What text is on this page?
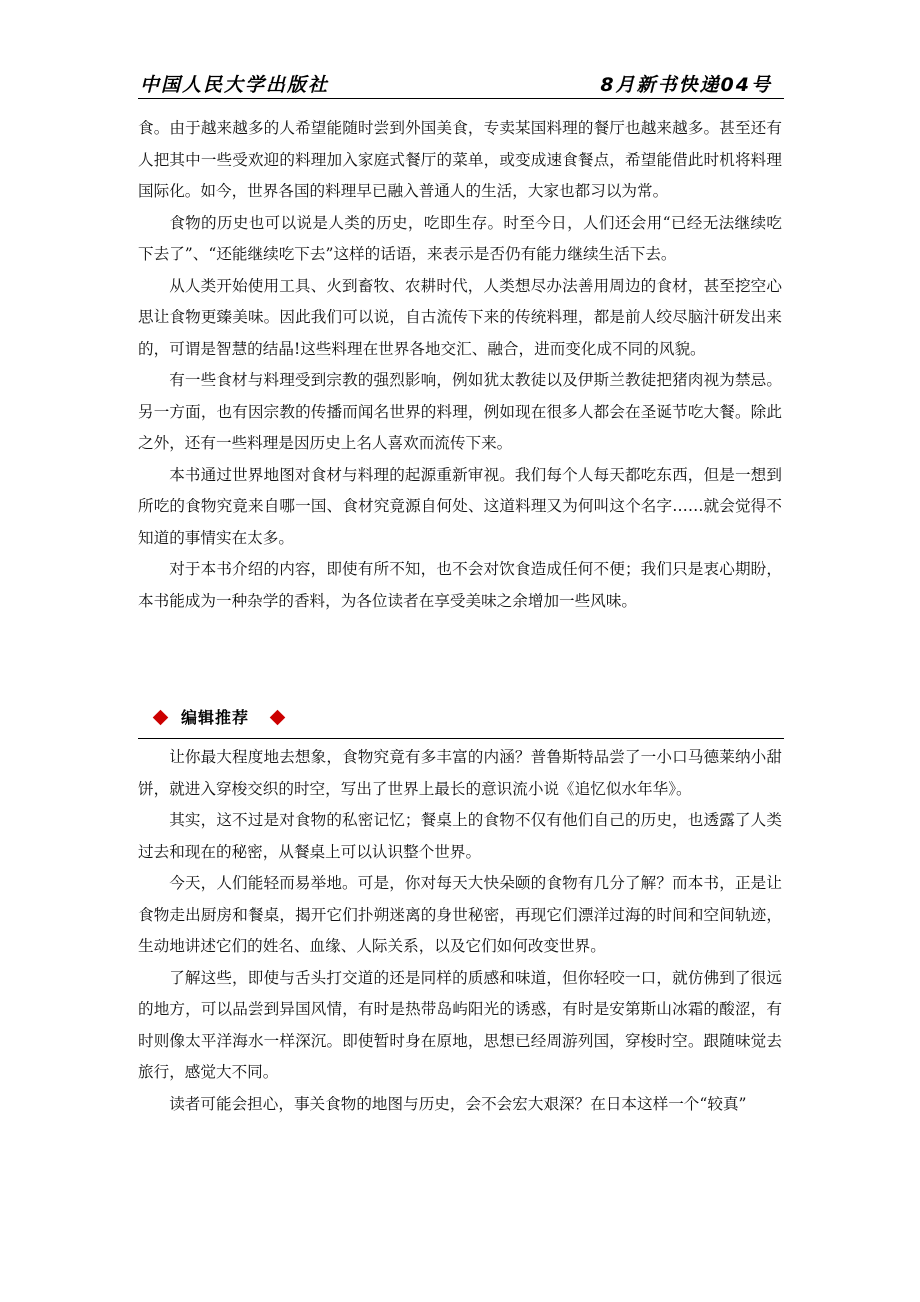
中国人民大学出版社	8月新书快递04号

食。由于越来越多的人希望能随时尝到外国美食，专卖某国料理的餐厅也越来越多。甚至还有人把其中一些受欢迎的料理加入家庭式餐厅的菜单，或变成速食餐点，希望能借此时机将料理国际化。如今，世界各国的料理早已融入普通人的生活，大家也都习以为常。

食物的历史也可以说是人类的历史，吃即生存。时至今日，人们还会用“已经无法继续吃下去了”、“还能继续吃下去”这样的话语，来表示是否仍有能力继续生活下去。

从人类开始使用工具、火到畜牧、农耕时代，人类想尽办法善用周边的食材，甚至挖空心思让食物更臻美味。因此我们可以说，自古流传下来的传统料理，都是前人绞尽脑汁研发出来的，可谓是智慧的结晶!这些料理在世界各地交汇、融合，进而变化成不同的风貌。

有一些食材与料理受到宗教的强烈影响，例如犹太教徒以及伊斯兰教徒把猪肉视为禁忌。另一方面，也有因宗教的传播而闻名世界的料理，例如现在很多人都会在圣诞节吃大餐。除此之外，还有一些料理是因历史上名人喜欢而流传下来。

本书通过世界地图对食材与料理的起源重新审视。我们每个人每天都吃东西，但是一想到所吃的食物究竟来自哪一国、食材究竟源自何处、这道料理又为何叫这个名字……就会觉得不知道的事情实在太多。

对于本书介绍的内容，即使有所不知，也不会对饮食造成任何不便；我们只是衷心期盼，本书能成为一种杂学的香料，为各位读者在享受美味之余增加一些风味。

编辑推荐

让你最大程度地去想象，食物究竟有多丰富的内涵？普鲁斯特品尝了一小口马德莱纳小甜饼，就进入穿梭交织的时空，写出了世界上最长的意识流小说《追忆似水年华》。

其实，这不过是对食物的私密记忆；餐桌上的食物不仅有他们自己的历史，也透露了人类过去和现在的秘密，从餐桌上可以认识整个世界。

今天，人们能轻而易举地。可是，你对每天大快朵颐的食物有几分了解？而本书，正是让食物走出厨房和餐桌，揭开它们扑朔迷离的身世秘密，再现它们漂洋过海的时间和空间轨迹，生动地讲述它们的姓名、血缘、人际关系，以及它们如何改变世界。

了解这些，即使与舌头打交道的还是同样的质感和味道，但你轻咬一口，就仿佛到了很远的地方，可以品尝到异国风情，有时是热带岛屿阳光的诱惑，有时是安第斯山冰霜的酸涩，有时则像太平洋海水一样深沉。即使暂时身在原地，思想已经周游列国，穿梭时空。跟随味觉去旅行，感觉大不同。

读者可能会担心，事关食物的地图与历史，会不会宏大艰深？在日本这样一个“较真”
